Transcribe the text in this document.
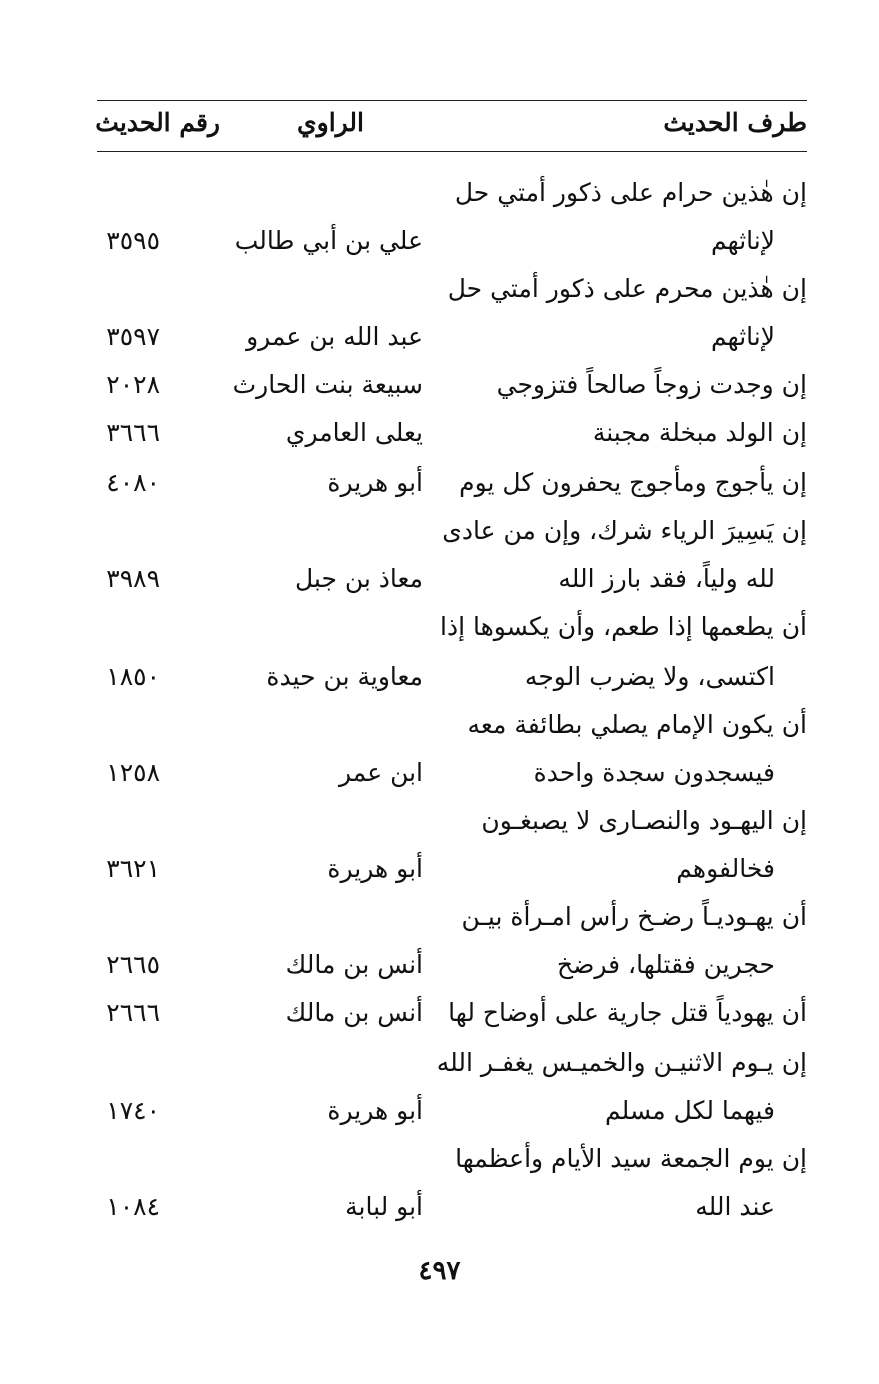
طرف الحديث
الراوي
رقم الحديث
إن هٰذين حرام على ذكور أمتي حل
لإناثهم
علي بن أبي طالب
٣٥٩٥
إن هٰذين محرم على ذكور أمتي حل
لإناثهم
عبد الله بن عمرو
٣٥٩٧
إن وجدت زوجاً صالحاً فتزوجي
سبيعة بنت الحارث
٢٠٢٨
إن الولد مبخلة مجبنة
يعلى العامري
٣٦٦٦
إن يأجوج ومأجوج يحفرون كل يوم
أبو هريرة
٤٠٨٠
إن يَسِيرَ الرياء شرك، وإن من عادى
لله ولياً، فقد بارز الله
معاذ بن جبل
٣٩٨٩
أن يطعمها إذا طعم، وأن يكسوها إذا
اكتسى، ولا يضرب الوجه
معاوية بن حيدة
١٨٥٠
أن يكون الإمام يصلي بطائفة معه
فيسجدون سجدة واحدة
ابن عمر
١٢٥٨
إن اليهـود والنصـارى لا يصبغـون
فخالفوهم
أبو هريرة
٣٦٢١
أن يهـوديـاً رضـخ رأس امـرأة بيـن
حجرين فقتلها، فرضخ
أنس بن مالك
٢٦٦٥
أن يهودياً قتل جارية على أوضاح لها
أنس بن مالك
٢٦٦٦
إن يـوم الاثنيـن والخميـس يغفـر الله
فيهما لكل مسلم
أبو هريرة
١٧٤٠
إن يوم الجمعة سيد الأيام وأعظمها
عند الله
أبو لبابة
١٠٨٤
٤٩٧
